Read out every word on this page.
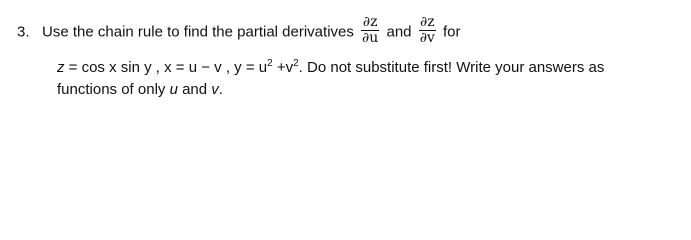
3. Use the chain rule to find the partial derivatives $\frac{\partial z}{\partial u}$ and $\frac{\partial z}{\partial v}$ for
z = cos x sin y , x = u − v , $y = u^2 +v^2$. Do not substitute first! Write your answers as
functions of only u and v.
